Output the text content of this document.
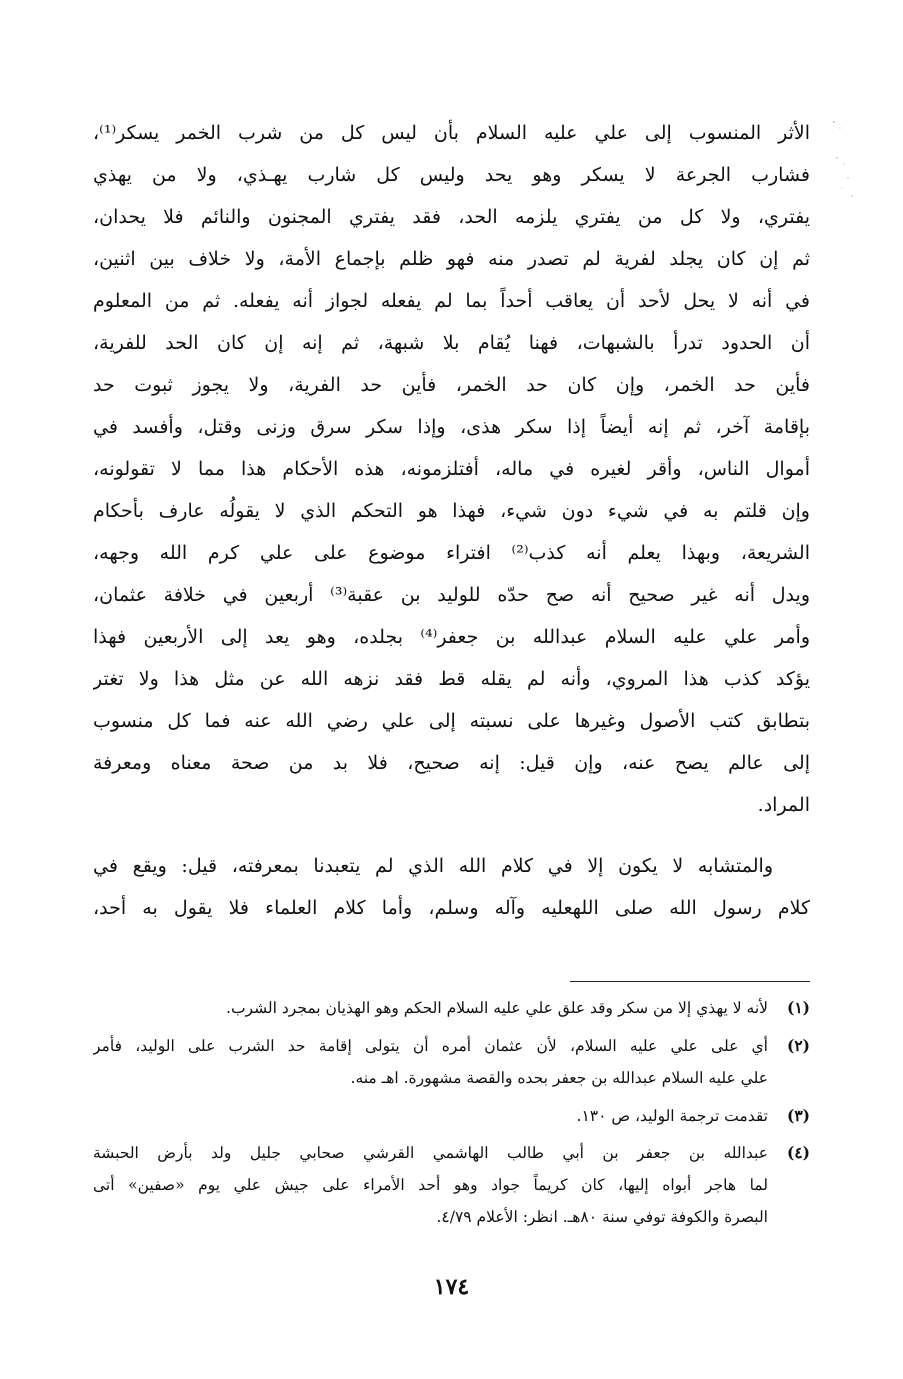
الأثر المنسوب إلى علي عليه السلام بأن ليس كل من شرب الخمر يسكر⁽¹⁾،
فشارب الجرعة لا يسكر وهو يحد وليس كل شارب يهـذي، ولا من يهذي
يفتري، ولا كل من يفتري يلزمه الحد، فقد يفتري المجنون والنائم فلا يحدان،
ثم إن كان يجلد لفرية لم تصدر منه فهو ظلم بإجماع الأمة، ولا خلاف بين اثنين،
في أنه لا يحل لأحد أن يعاقب أحداً بما لم يفعله لجواز أنه يفعله. ثم من المعلوم
أن الحدود تدرأ بالشبهات، فهنا يُقام بلا شبهة، ثم إنه إن كان الحد للفرية،
فأين حد الخمر، وإن كان حد الخمر، فأين حد الفرية، ولا يجوز ثبوت حد
بإقامة آخر، ثم إنه أيضاً إذا سكر هذى، وإذا سكر سرق وزنى وقتل، وأفسد في
أموال الناس، وأقر لغيره في ماله، أفتلزمونه، هذه الأحكام هذا مما لا تقولونه،
وإن قلتم به في شيء دون شيء، فهذا هو التحكم الذي لا يقولُه عارف بأحكام
الشريعة، وبهذا يعلم أنه كذب⁽²⁾ افتراء موضوع على علي كرم الله وجهه،
ويدل أنه غير صحيح أنه صح حدّه للوليد بن عقبة⁽³⁾ أربعين في خلافة عثمان،
وأمر علي عليه السلام عبدالله بن جعفر⁽⁴⁾ بجلده، وهو يعد إلى الأربعين فهذا
يؤكد كذب هذا المروي، وأنه لم يقله قط فقد نزهه الله عن مثل هذا ولا تغتر
بتطابق كتب الأصول وغيرها على نسبته إلى علي رضي الله عنه فما كل منسوب
إلى عالم يصح عنه، وإن قيل: إنه صحيح، فلا بد من صحة معناه ومعرفة
المراد.
والمتشابه لا يكون إلا في كلام الله الذي لم يتعبدنا بمعرفته، قيل: ويقع في
كلام رسول الله صلى اللهعليه وآله وسلم، وأما كلام العلماء فلا يقول به أحد،
(١)
لأنه لا يهذي إلا من سكر وقد علق علي عليه السلام الحكم وهو الهذيان بمجرد الشرب.
(٢)
أي على علي عليه السلام، لأن عثمان أمره أن يتولى إقامة حد الشرب على الوليد، فأمر
علي عليه السلام عبدالله بن جعفر بحده والقصة مشهورة. اهـ منه.
(٣)
تقدمت ترجمة الوليد، ص ١٣٠.
(٤)
عبدالله بن جعفر بن أبي طالب الهاشمي القرشي صحابي جليل ولد بأرض الحبشة
لما هاجر أبواه إليها، كان كريماً جواد وهو أحد الأمراء على جيش علي يوم «صفين» أتى
البصرة والكوفة توفي سنة ٨٠هـ. انظر: الأعلام ٤/٧٩.
١٧٤
